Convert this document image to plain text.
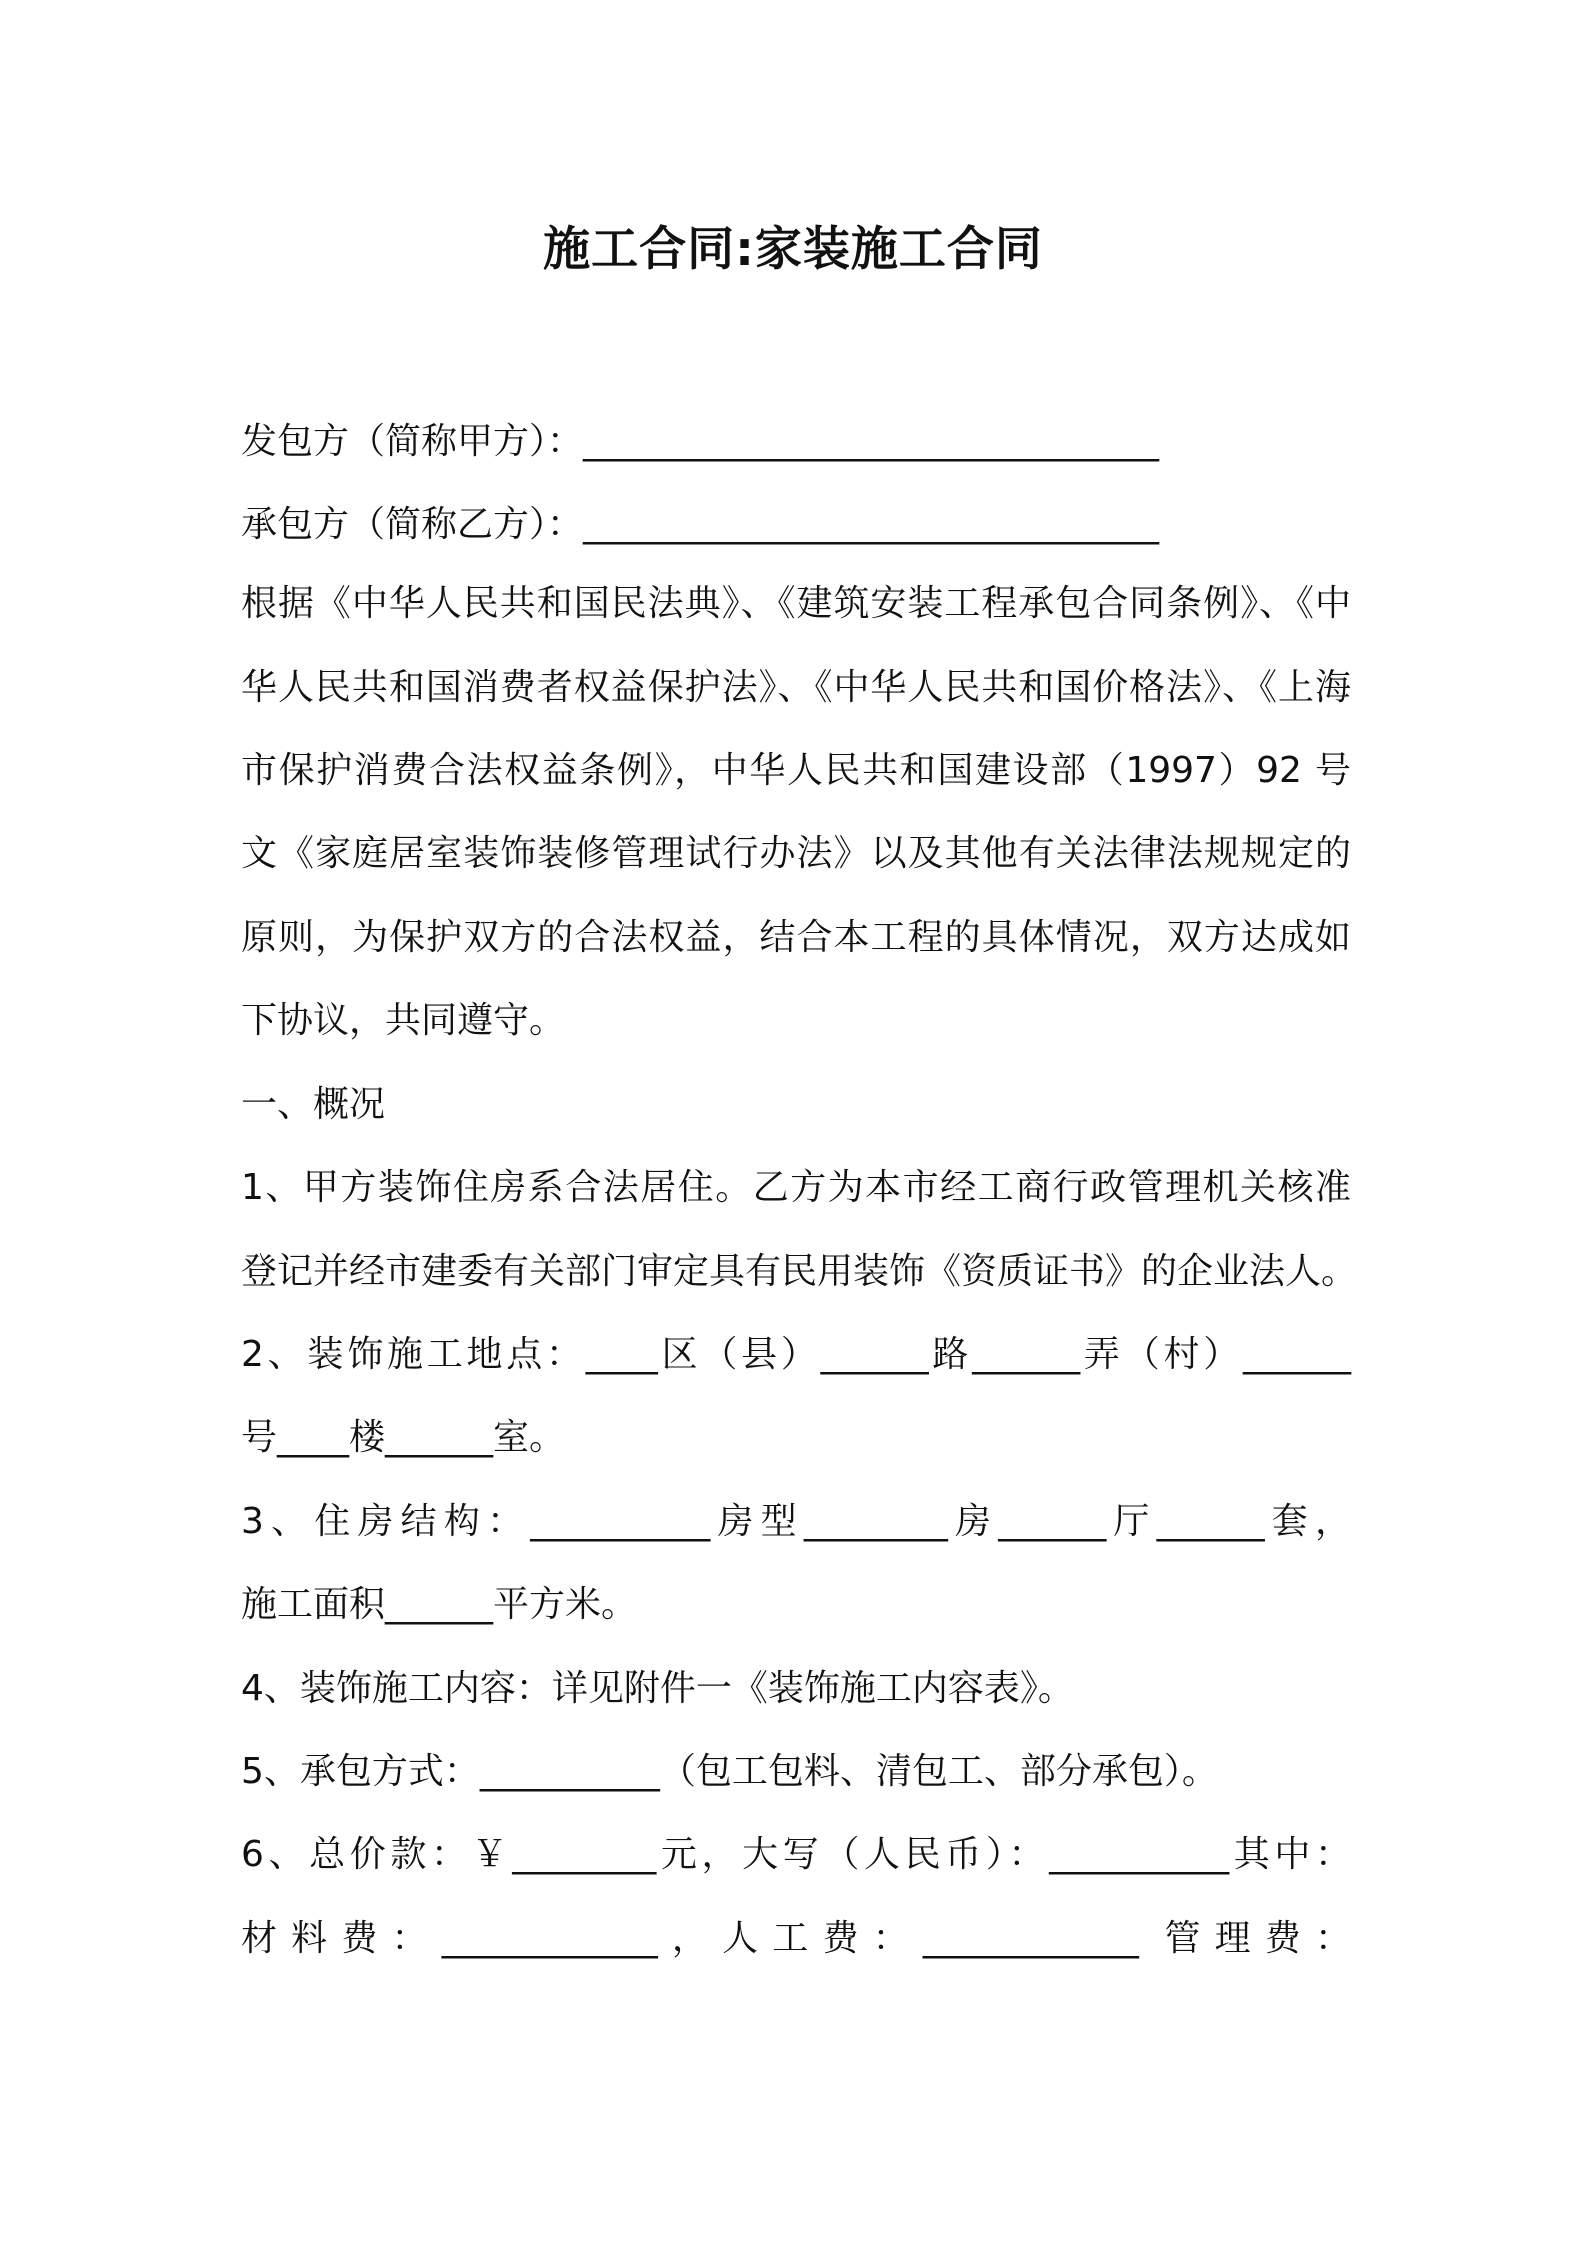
施工合同:家装施工合同
发包方（简称甲方）：________________________________
承包方（简称乙方）：________________________________
根据《中华人民共和国民法典》、《建筑安装工程承包合同条例》、《中
华人民共和国消费者权益保护法》、《中华人民共和国价格法》、《上海
市保护消费合法权益条例》，中华人民共和国建设部（1997）92 号
文《家庭居室装饰装修管理试行办法》以及其他有关法律法规规定的
原则，为保护双方的合法权益，结合本工程的具体情况，双方达成如
下协议，共同遵守。
一、概况
1、甲方装饰住房系合法居住。乙方为本市经工商行政管理机关核准
登记并经市建委有关部门审定具有民用装饰《资质证书》的企业法人。
2、装饰施工地点：____区（县）______路______弄（村）______
号____楼______室。
3、住房结构：__________房型________房______厅______套，
施工面积______平方米。
4、装饰施工内容：详见附件一《装饰施工内容表》。
5、承包方式：__________（包工包料、清包工、部分承包）。
6、总价款：￥________元，大写（人民币）：__________其中：
材料费：____________，人工费：____________ 管理费：
